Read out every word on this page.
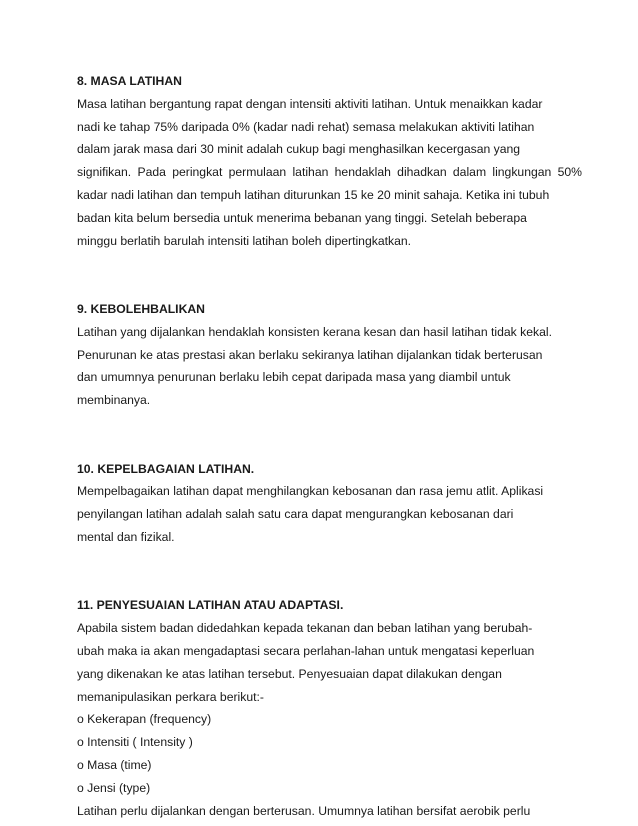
8. MASA LATIHAN
Masa latihan bergantung rapat dengan intensiti aktiviti latihan. Untuk menaikkan kadar
nadi ke tahap 75% daripada 0% (kadar nadi rehat) semasa melakukan aktiviti latihan
dalam jarak masa dari 30 minit adalah cukup bagi menghasilkan kecergasan yang
signifikan. Pada peringkat permulaan latihan hendaklah dihadkan dalam lingkungan 50%
kadar nadi latihan dan tempuh latihan diturunkan 15 ke 20 minit sahaja. Ketika ini tubuh
badan kita belum bersedia untuk menerima bebanan yang tinggi. Setelah beberapa
minggu berlatih barulah intensiti latihan boleh dipertingkatkan.
9. KEBOLEHBALIKAN
Latihan yang dijalankan hendaklah konsisten kerana kesan dan hasil latihan tidak kekal.
Penurunan ke atas prestasi akan berlaku sekiranya latihan dijalankan tidak berterusan
dan umumnya penurunan berlaku lebih cepat daripada masa yang diambil untuk
membinanya.
10. KEPELBAGAIAN LATIHAN.
Mempelbagaikan latihan dapat menghilangkan kebosanan dan rasa jemu atlit. Aplikasi
penyilangan latihan adalah salah satu cara dapat mengurangkan kebosanan dari
mental dan fizikal.
11. PENYESUAIAN LATIHAN ATAU ADAPTASI.
Apabila sistem badan didedahkan kepada tekanan dan beban latihan yang berubah-
ubah maka ia akan mengadaptasi secara perlahan-lahan untuk mengatasi keperluan
yang dikenakan ke atas latihan tersebut. Penyesuaian dapat dilakukan dengan
memanipulasikan perkara berikut:-
o Kekerapan (frequency)
o Intensiti ( Intensity )
o Masa (time)
o Jensi (type)
Latihan perlu dijalankan dengan berterusan. Umumnya latihan bersifat aerobik perlu
